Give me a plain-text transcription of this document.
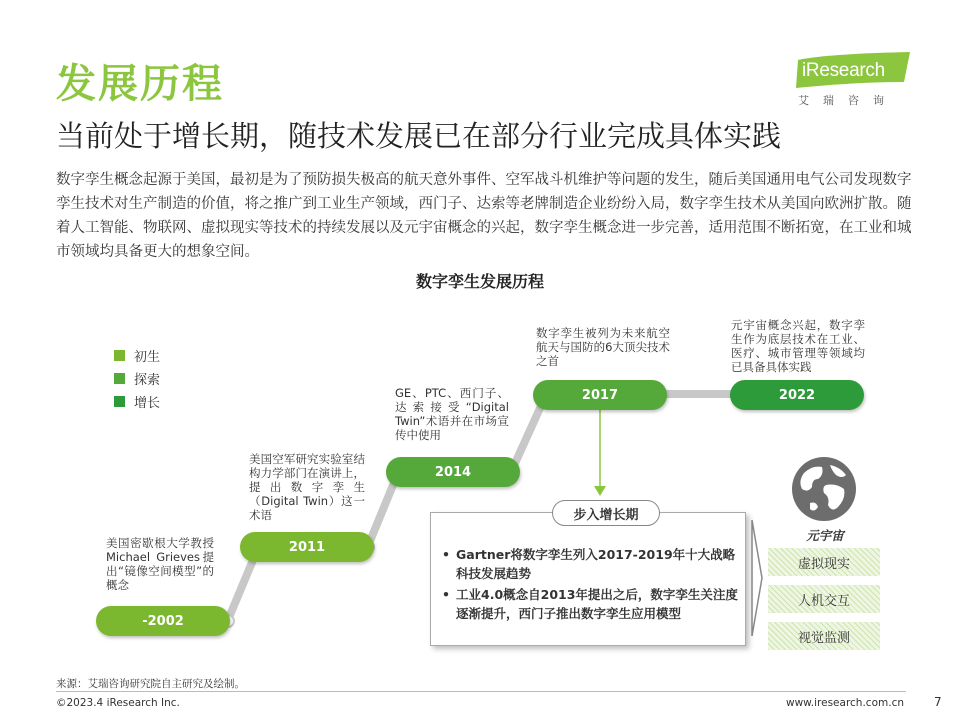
发展历程
当前处于增长期，随技术发展已在部分行业完成具体实践
iResearch
艾瑞咨询
数字孪生概念起源于美国，最初是为了预防损失极高的航天意外事件、空军战斗机维护等问题的发生，随后美国通用电气公司发现数字孪生技术对生产制造的价值，将之推广到工业生产领域，西门子、达索等老牌制造企业纷纷入局，数字孪生技术从美国向欧洲扩散。随着人工智能、物联网、虚拟现实等技术的持续发展以及元宇宙概念的兴起，数字孪生概念进一步完善，适用范围不断拓宽，在工业和城市领域均具备更大的想象空间。
数字孪生发展历程
初生
探索
增长
-2002
2011
2014
2017	2022
美国密歇根大学教授Michael Grieves提出“镜像空间模型”的概念
美国空军研究实验室结构力学部门在演讲上，提出数字孪生（Digital Twin）这一术语
GE、PTC、西门子、达索接受“Digital Twin”术语并在市场宣传中使用
数字孪生被列为未来航空航天与国防的6大顶尖技术之首
元宇宙概念兴起，数字孪生作为底层技术在工业、医疗、城市管理等领域均已具备具体实践
步入增长期
• Gartner将数字孪生列入2017-2019年十大战略科技发展趋势
• 工业4.0概念自2013年提出之后，数字孪生关注度逐渐提升，西门子推出数字孪生应用模型
元宇宙
虚拟现实
人机交互
视觉监测
来源：艾瑞咨询研究院自主研究及绘制。
©2023.4 iResearch Inc.	www.iresearch.com.cn	7
